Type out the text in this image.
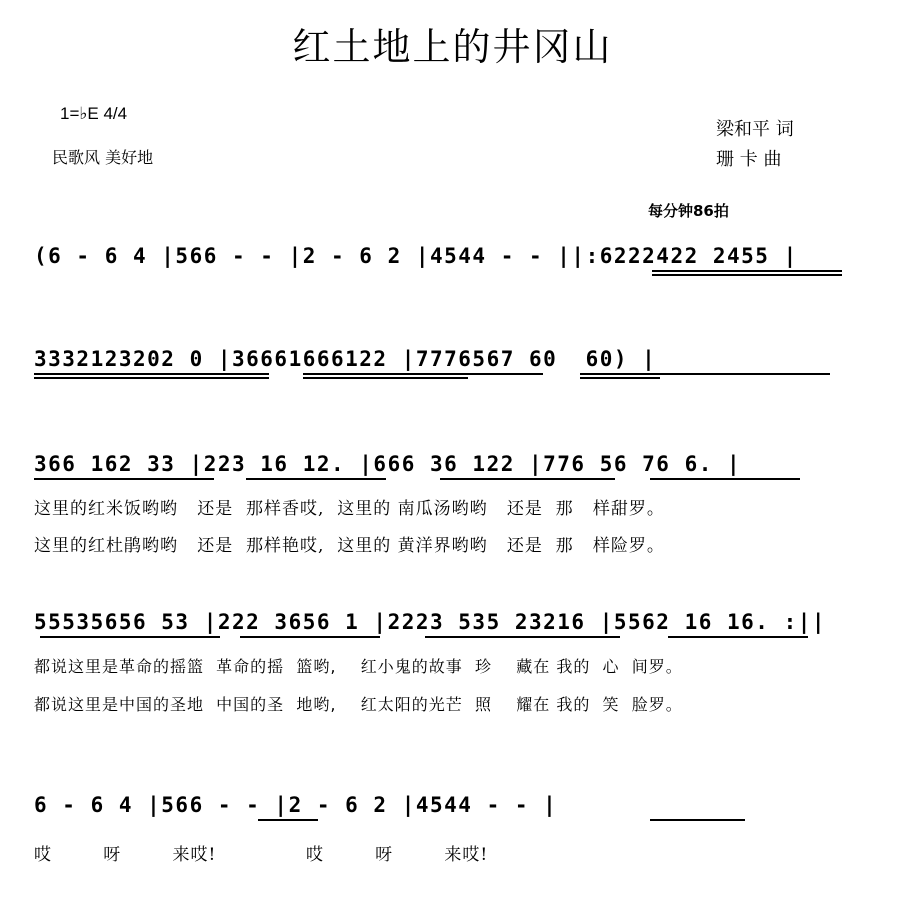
红土地上的井冈山
1=♭E 4/4
民歌风 美好地
梁和平 词
珊 卡 曲
每分钟86拍
(6 - 6 4 |566 - - |2 - 6 2 |4544 - - ||:6222422 2455 |
3332123202 0 |36661666122 |7776567 60  60) |
366 162 33 |223 16 12. |666 36 122 |776 56 76 6. |
这里的红米饭哟哟   还是  那样香哎,  这里的 南瓜汤哟哟   还是  那   样甜罗。
这里的红杜鹃哟哟   还是  那样艳哎,  这里的 黄洋界哟哟   还是  那   样险罗。
55535656 53 |222 3656 1 |2223 535 23216 |5562 16 16. :||
都说这里是革命的摇篮  革命的摇  篮哟,    红小鬼的故事  珍    藏在 我的  心  间罗。
都说这里是中国的圣地  中国的圣  地哟,    红太阳的光芒  照    耀在 我的  笑  脸罗。
6 - 6 4 |566 - - |2 - 6 2 |4544 - - |
哎        呀        来哎!              哎        呀        来哎!
